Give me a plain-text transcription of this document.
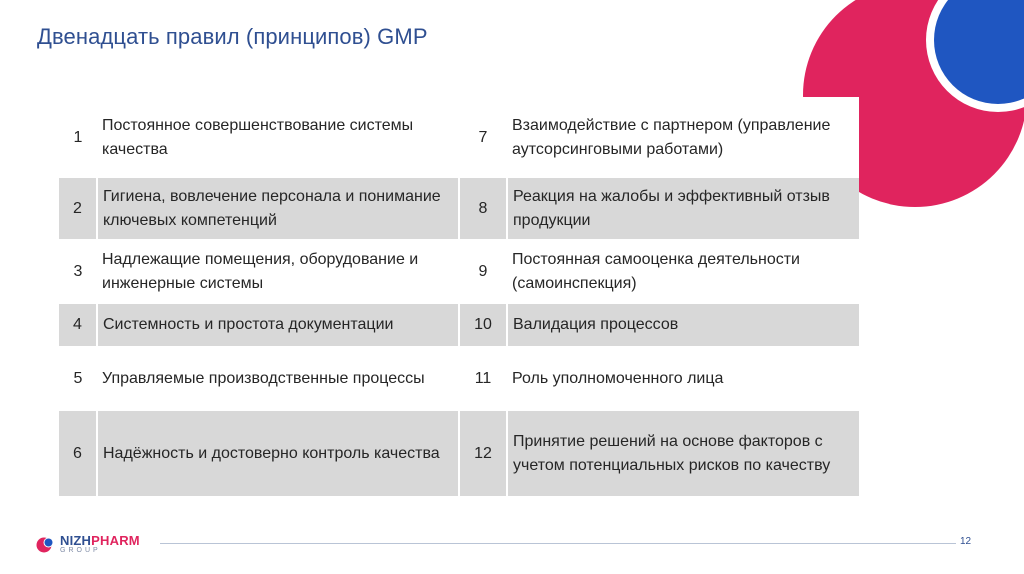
Двенадцать правил (принципов) GMP
1	Постоянное совершенствование системы качества	7	Взаимодействие с партнером (управление аутсорсинговыми работами)
2	Гигиена, вовлечение персонала и понимание ключевых компетенций	8	Реакция на жалобы и эффективный отзыв продукции
3	Надлежащие помещения, оборудование и инженерные системы	9	Постоянная самооценка деятельности (самоинспекция)
4	Системность и простота документации	10	Валидация процессов
5	Управляемые производственные процессы	11	Роль уполномоченного лица
6	Надёжность и достоверно контроль качества	12	Принятие решений на основе факторов с учетом потенциальных рисков по качеству
NIZHPHARM
GROUP
12
